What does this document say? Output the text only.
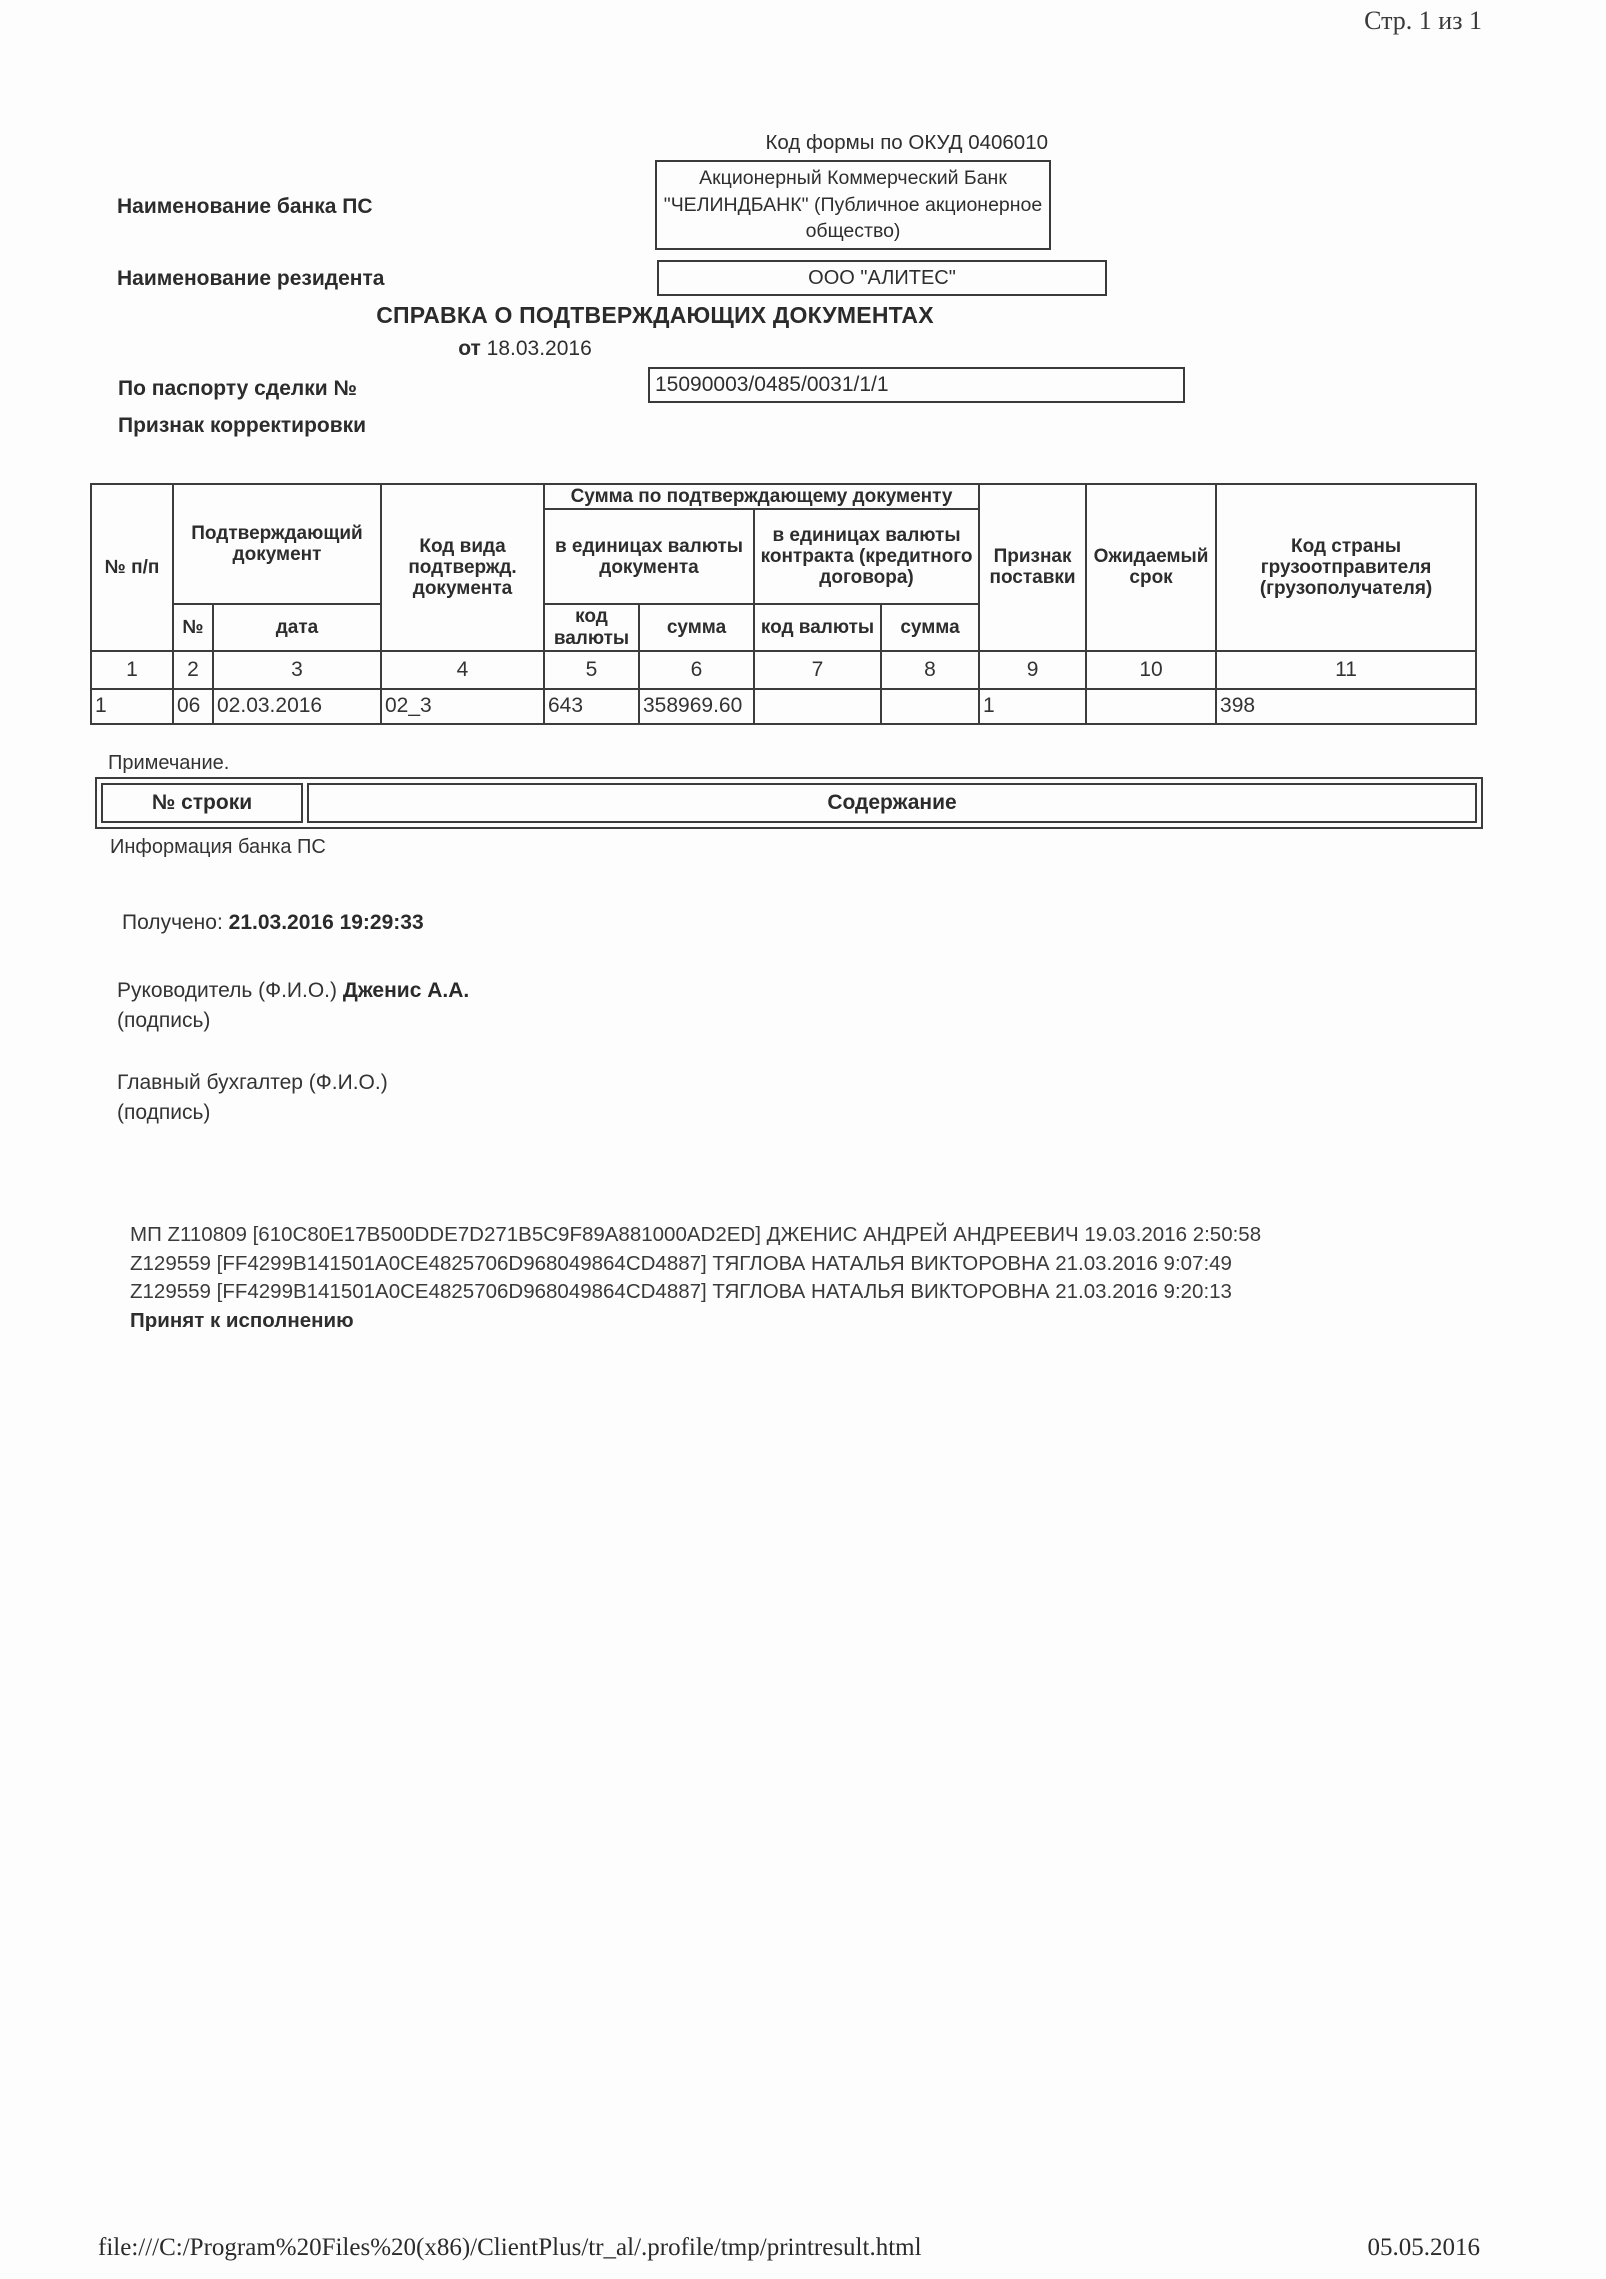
Стр. 1 из 1
Код формы по ОКУД 0406010
Наименование банка ПС
Акционерный Коммерческий Банк "ЧЕЛИНДБАНК" (Публичное акционерное общество)
Наименование резидента	ООО "АЛИТЕС"
СПРАВКА О ПОДТВЕРЖДАЮЩИХ ДОКУМЕНТАХ
от 18.03.2016
По паспорту сделки №	15090003/0485/0031/1/1
Признак корректировки
№ п/п	Подтверждающий документ		Код вида подтвержд. документа	Сумма по подтверждающему документу				Признак поставки	Ожидаемый срок	Код страны грузоотправителя (грузополучателя)
				в единицах валюты документа		в единицах валюты контракта (кредитного договора)				
	№	дата		код валюты	сумма	код валюты	сумма			
1	2	3	4	5	6	7	8	9	10	11
1	06	02.03.2016	02_3	643	358969.60			1		398
Примечание.
№ строки	Содержание
Информация банка ПС
Получено: 21.03.2016 19:29:33
Руководитель (Ф.И.О.) Дженис А.А.
(подпись)
Главный бухгалтер (Ф.И.О.)
(подпись)
МП Z110809 [610C80E17B500DDE7D271B5C9F89A881000AD2ED] ДЖЕНИС АНДРЕЙ АНДРЕЕВИЧ 19.03.2016 2:50:58
Z129559 [FF4299B141501A0CE4825706D968049864CD4887] ТЯГЛОВА НАТАЛЬЯ ВИКТОРОВНА 21.03.2016 9:07:49
Z129559 [FF4299B141501A0CE4825706D968049864CD4887] ТЯГЛОВА НАТАЛЬЯ ВИКТОРОВНА 21.03.2016 9:20:13
Принят к исполнению
file:///C:/Program%20Files%20(x86)/ClientPlus/tr_al/.profile/tmp/printresult.html	05.05.2016
